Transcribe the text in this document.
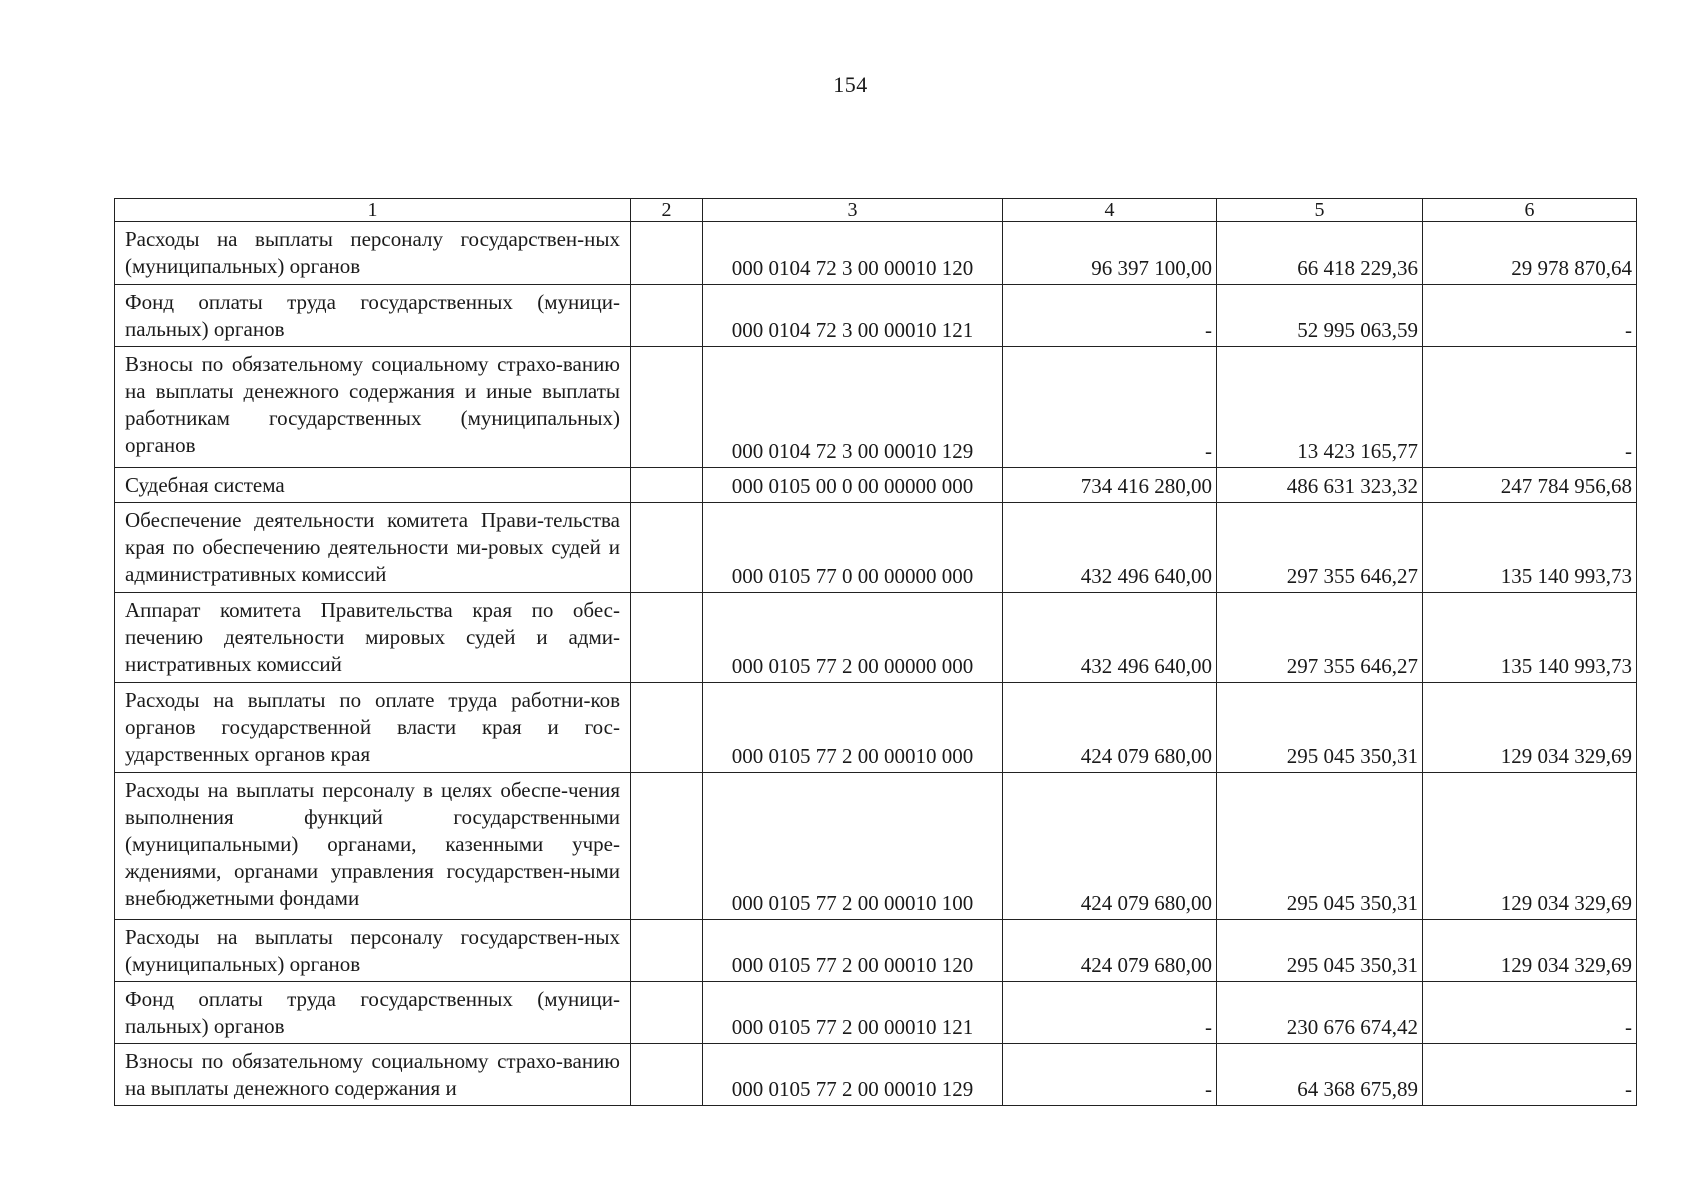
154
1	2	3	4	5	6
Расходы на выплаты персоналу государствен-ных (муниципальных) органов		000 0104 72 3 00 00010 120	96 397 100,00	66 418 229,36	29 978 870,64
Фонд оплаты труда государственных (муници-пальных) органов		000 0104 72 3 00 00010 121	-	52 995 063,59	-
Взносы по обязательному социальному страхо-ванию на выплаты денежного содержания и иные выплаты работникам государственных (муниципальных) органов		000 0104 72 3 00 00010 129	-	13 423 165,77	-
Судебная система		000 0105 00 0 00 00000 000	734 416 280,00	486 631 323,32	247 784 956,68
Обеспечение деятельности комитета Прави-тельства края по обеспечению деятельности ми-ровых судей и административных комиссий		000 0105 77 0 00 00000 000	432 496 640,00	297 355 646,27	135 140 993,73
Аппарат комитета Правительства края по обес-печению деятельности мировых судей и адми-нистративных комиссий		000 0105 77 2 00 00000 000	432 496 640,00	297 355 646,27	135 140 993,73
Расходы на выплаты по оплате труда работни-ков органов государственной власти края и гос-ударственных органов края		000 0105 77 2 00 00010 000	424 079 680,00	295 045 350,31	129 034 329,69
Расходы на выплаты персоналу в целях обеспе-чения выполнения функций государственными (муниципальными) органами, казенными учре-ждениями, органами управления государствен-ными внебюджетными фондами		000 0105 77 2 00 00010 100	424 079 680,00	295 045 350,31	129 034 329,69
Расходы на выплаты персоналу государствен-ных (муниципальных) органов		000 0105 77 2 00 00010 120	424 079 680,00	295 045 350,31	129 034 329,69
Фонд оплаты труда государственных (муници-пальных) органов		000 0105 77 2 00 00010 121	-	230 676 674,42	-
Взносы по обязательному социальному страхо-ванию на выплаты денежного содержания и		000 0105 77 2 00 00010 129	-	64 368 675,89	-
